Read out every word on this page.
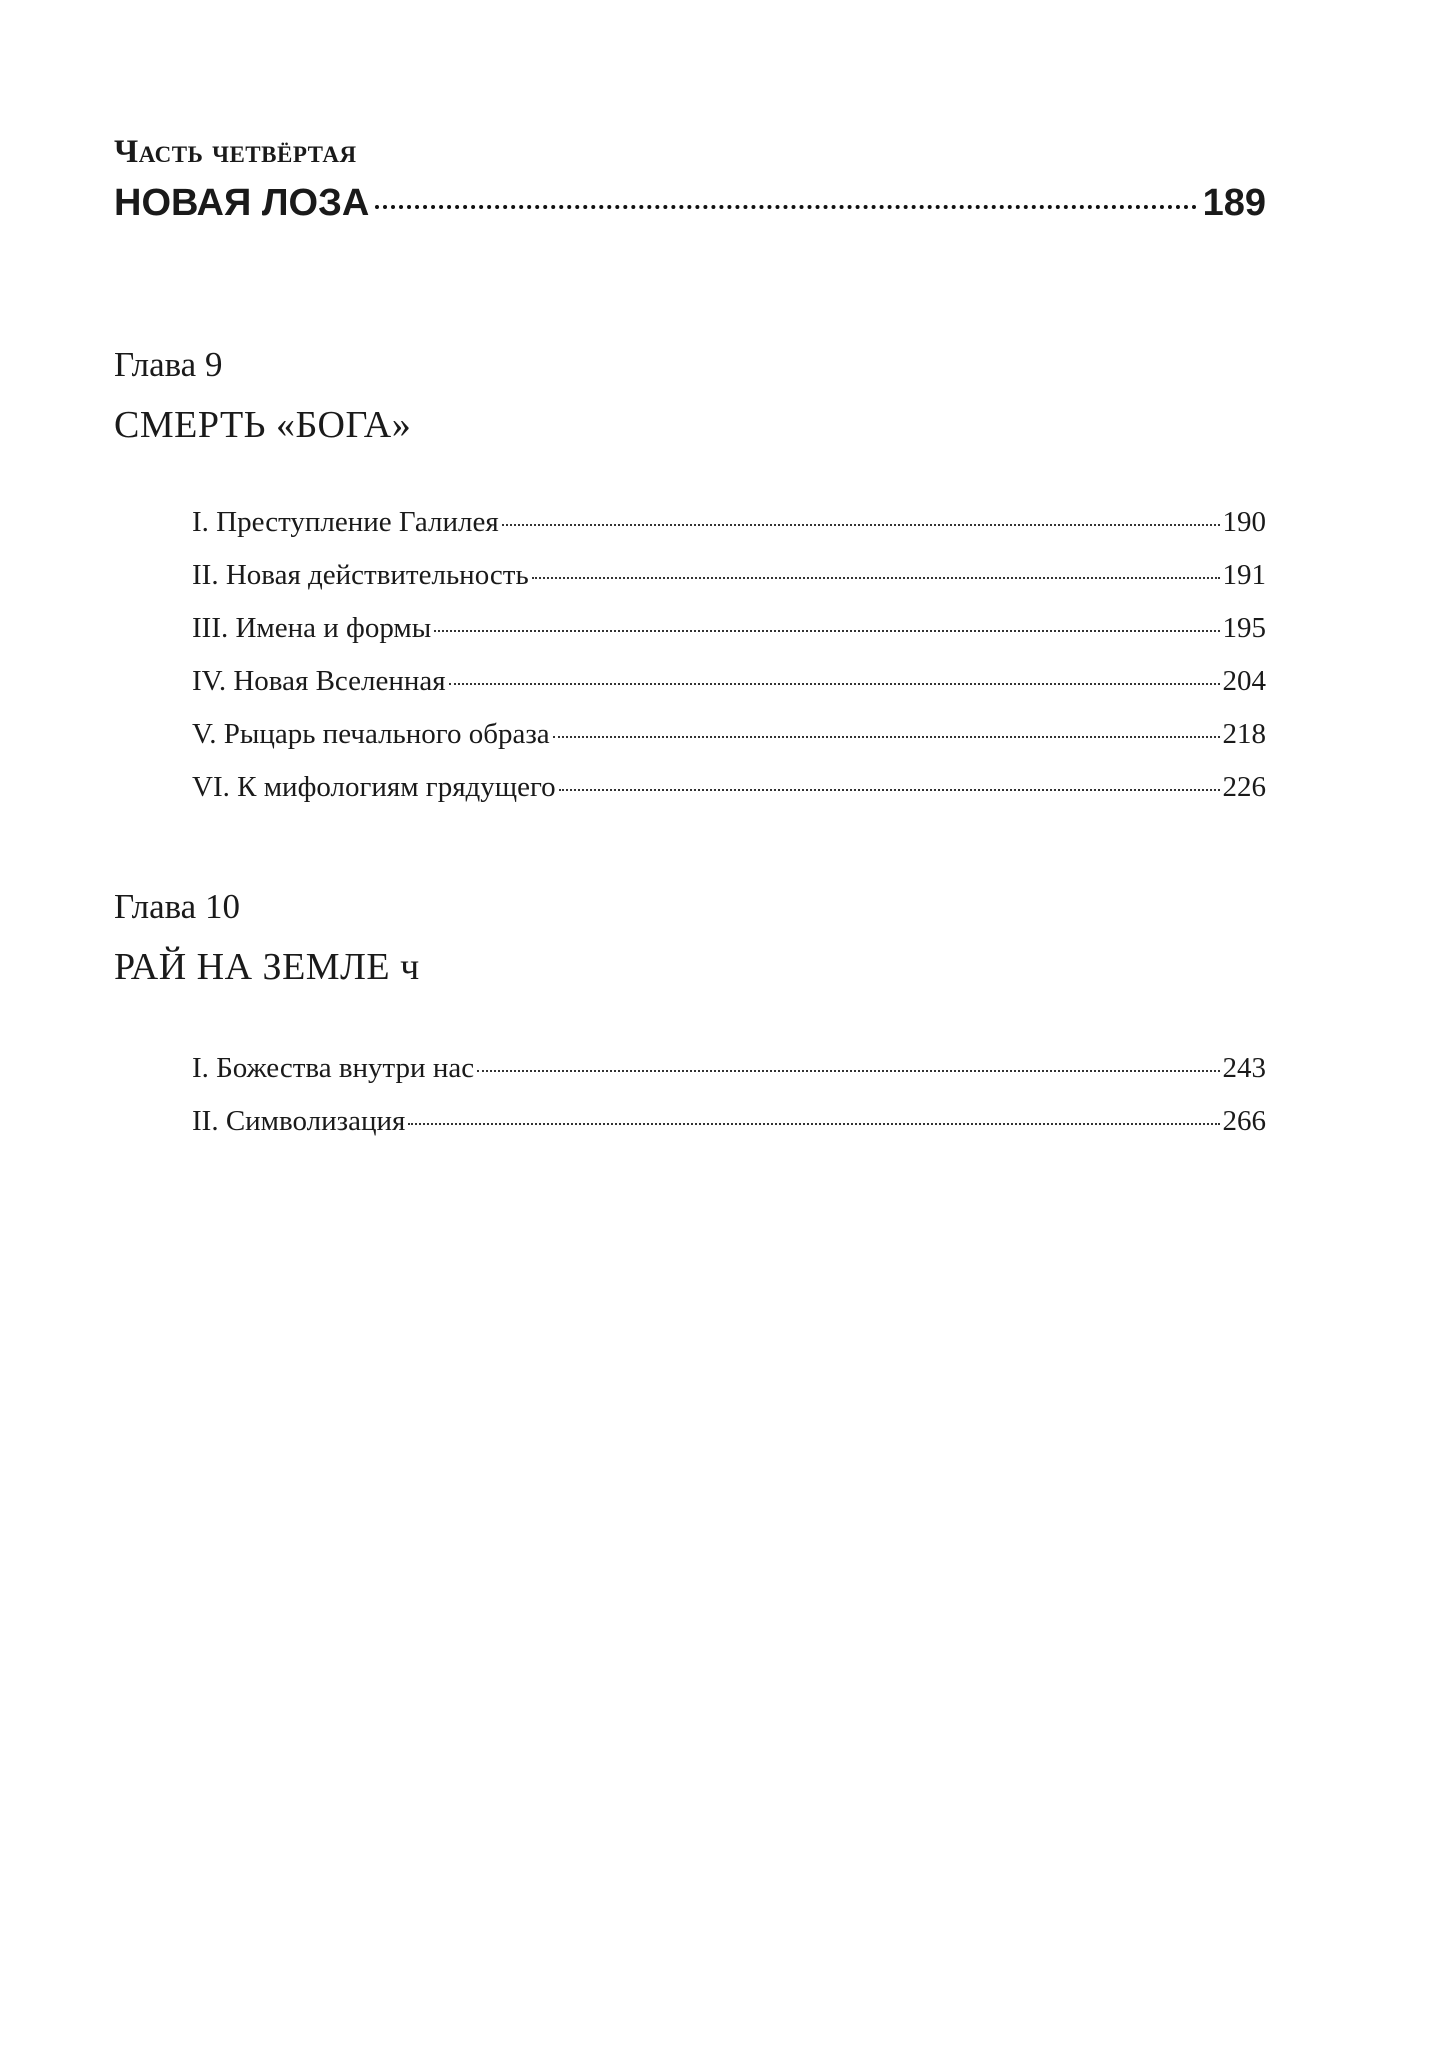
Часть четвёртая
НОВАЯ ЛОЗА	189
Глава 9
СМЕРТЬ «БОГА»
I. Преступление Галилея	190
II. Новая действительность	191
III. Имена и формы	195
IV. Новая Вселенная	204
V. Рыцарь печального образа	218
VI. К мифологиям грядущего	226
Глава 10
РАЙ НА ЗЕМЛЕ ч
I. Божества внутри нас	243
II. Символизация	266
